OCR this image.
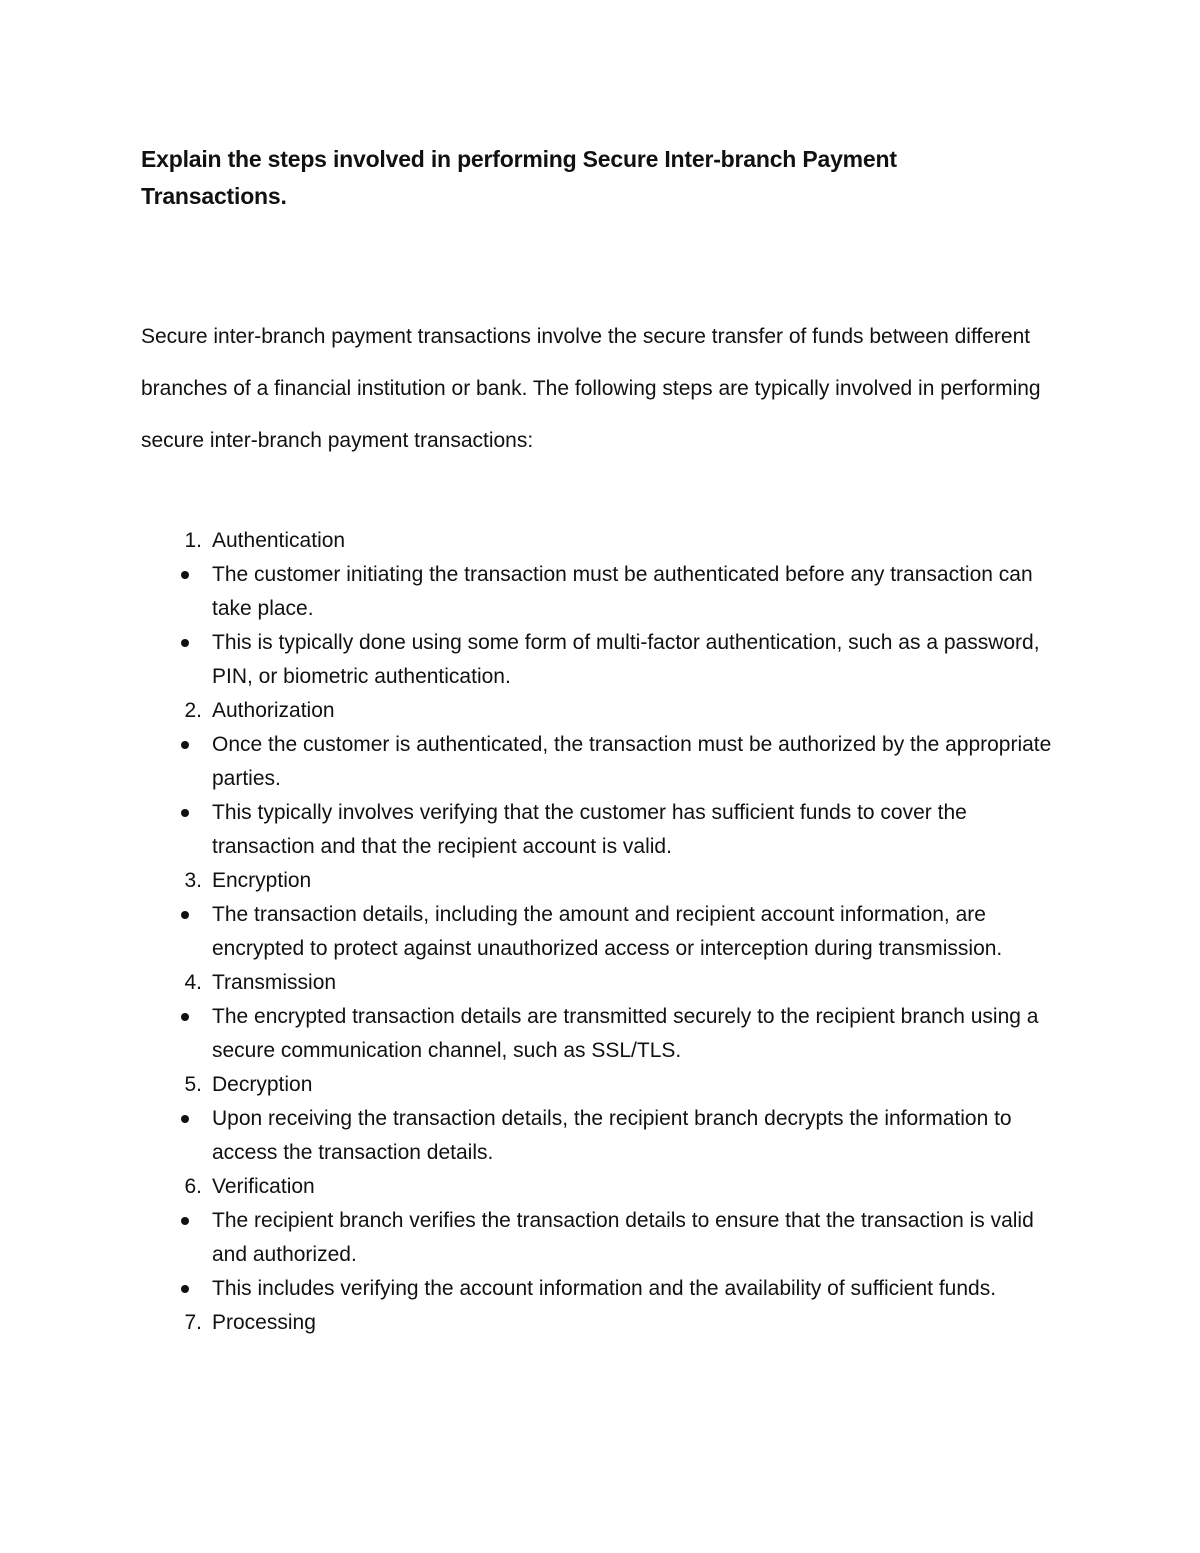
Explain the steps involved in performing Secure Inter-branch Payment Transactions.

Secure inter-branch payment transactions involve the secure transfer of funds between different branches of a financial institution or bank. The following steps are typically involved in performing secure inter-branch payment transactions:

1. Authentication
The customer initiating the transaction must be authenticated before any transaction can take place.
This is typically done using some form of multi-factor authentication, such as a password, PIN, or biometric authentication.
2. Authorization
Once the customer is authenticated, the transaction must be authorized by the appropriate parties.
This typically involves verifying that the customer has sufficient funds to cover the transaction and that the recipient account is valid.
3. Encryption
The transaction details, including the amount and recipient account information, are encrypted to protect against unauthorized access or interception during transmission.
4. Transmission
The encrypted transaction details are transmitted securely to the recipient branch using a secure communication channel, such as SSL/TLS.
5. Decryption
Upon receiving the transaction details, the recipient branch decrypts the information to access the transaction details.
6. Verification
The recipient branch verifies the transaction details to ensure that the transaction is valid and authorized.
This includes verifying the account information and the availability of sufficient funds.
7. Processing
